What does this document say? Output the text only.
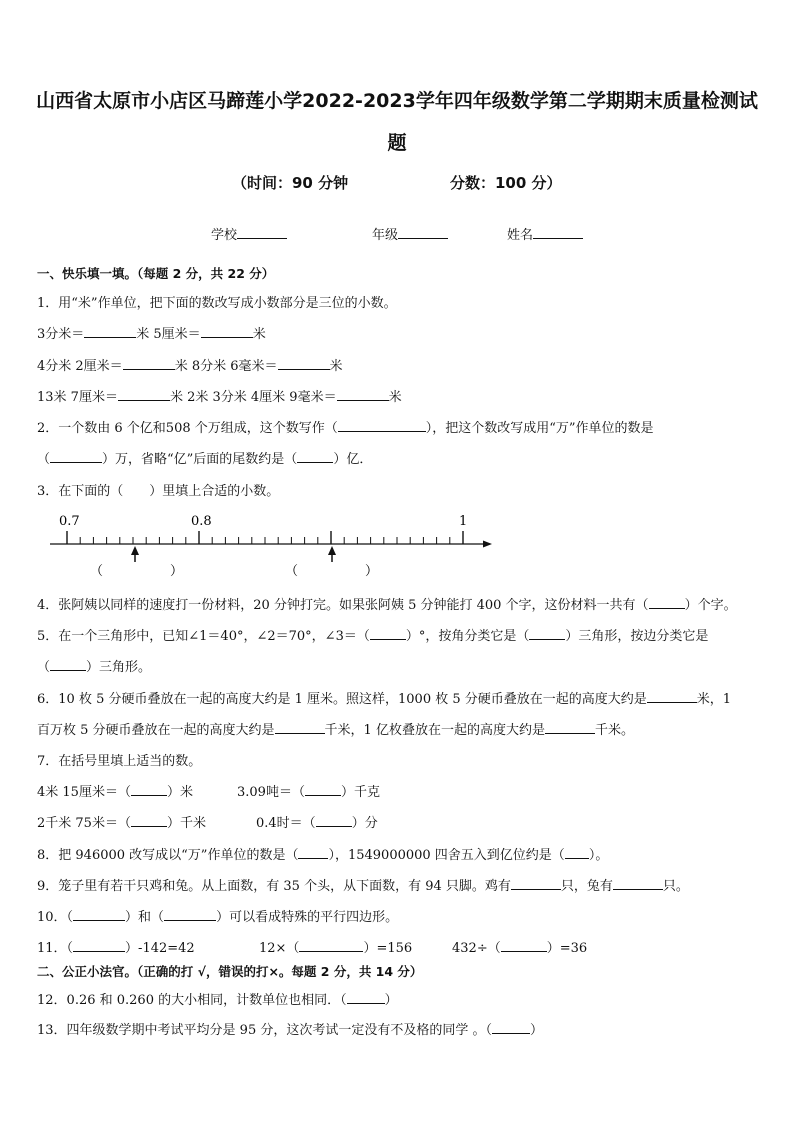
山西省太原市小店区马蹄莲小学2022-2023学年四年级数学第二学期期末质量检测试
题
（时间：90 分钟	分数：100 分）
学校	年级	姓名
一、快乐填一填。（每题 2 分，共 22 分）
1．用“米”作单位，把下面的数改写成小数部分是三位的小数。
3分米＝	米 5厘米＝	米
4分米 2厘米＝	米 8分米 6毫米＝	米
13米 7厘米＝	米 2米 3分米 4厘米 9毫米＝	米
2．一个数由 6 个亿和508 个万组成，这个数写作（	），把这个数改写成用“万”作单位的数是
（	）万，省略“亿”后面的尾数约是（	）亿．
3．在下面的（　　）里填上合适的小数。
0.7	0.8	1
（	）	（	）
4．张阿姨以同样的速度打一份材料，20 分钟打完。如果张阿姨 5 分钟能打 400 个字，这份材料一共有（	）个字。
5．在一个三角形中，已知∠1＝40°，∠2＝70°，∠3＝（	）°，按角分类它是（	）三角形，按边分类它是
（	）三角形。
6．10 枚 5 分硬币叠放在一起的高度大约是 1 厘米。照这样，1000 枚 5 分硬币叠放在一起的高度大约是	米，1
百万枚 5 分硬币叠放在一起的高度大约是	千米，1 亿枚叠放在一起的高度大约是	千米。
7．在括号里填上适当的数。
4米 15厘米＝（	）米	3.09吨＝（	）千克
2千米 75米＝（	）千米	0.4时＝（	）分
8．把 946000 改写成以“万”作单位的数是（ ），1549000000 四舍五入到亿位约是（ ）。
9．笼子里有若干只鸡和兔。从上面数，有 35 个头，从下面数，有 94 只脚。鸡有	只，兔有	只。
10．（	）和（	）可以看成特殊的平行四边形。
11．（	）-142=42	12×（	）=156	432÷（	）=36
二、公正小法官。（正确的打 √，错误的打×。每题 2 分，共 14 分）
12．0.26 和 0.260 的大小相同，计数单位也相同．（	）
13．四年级数学期中考试平均分是 95 分，这次考试一定没有不及格的同学 。（	）
